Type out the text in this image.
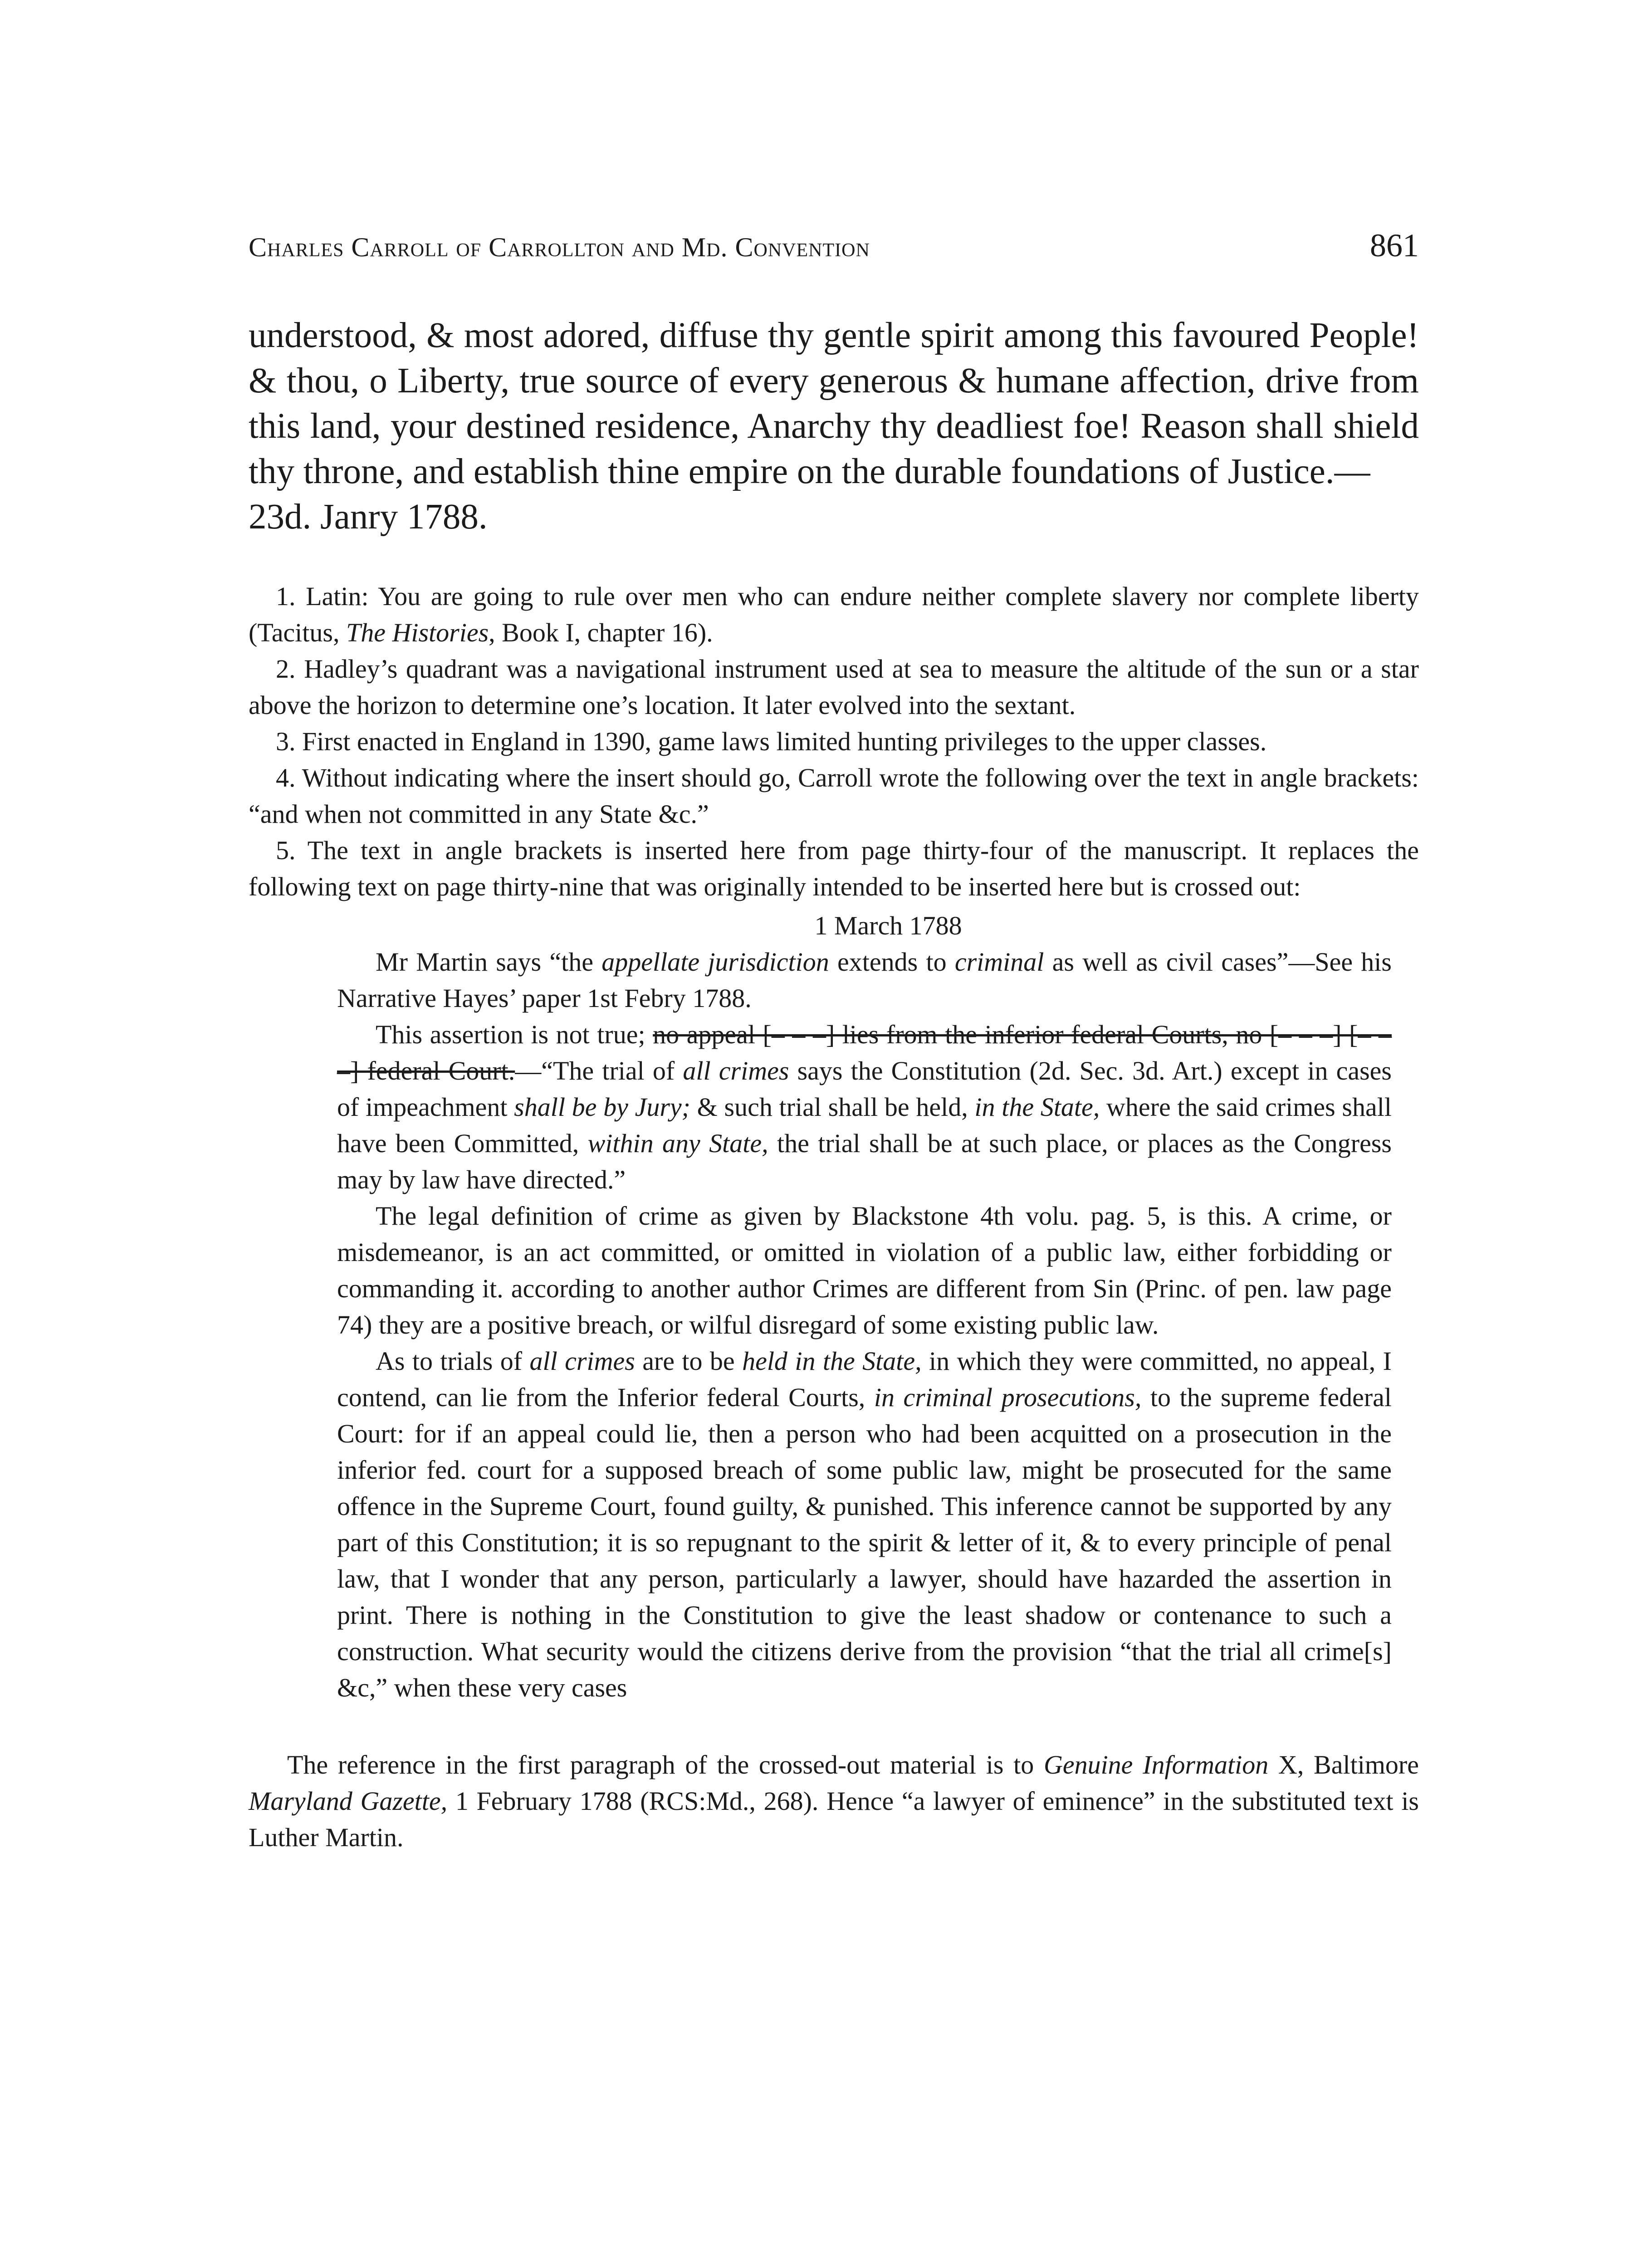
Charles Carroll of Carrollton and Md. Convention	861

understood, & most adored, diffuse thy gentle spirit among this favoured People! & thou, o Liberty, true source of every generous & humane affection, drive from this land, your destined residence, Anarchy thy deadliest foe! Reason shall shield thy throne, and establish thine empire on the durable foundations of Justice.—

23d. Janry 1788.

1. Latin: You are going to rule over men who can endure neither complete slavery nor complete liberty (Tacitus, The Histories, Book I, chapter 16).

2. Hadley’s quadrant was a navigational instrument used at sea to measure the altitude of the sun or a star above the horizon to determine one’s location. It later evolved into the sextant.

3. First enacted in England in 1390, game laws limited hunting privileges to the upper classes.

4. Without indicating where the insert should go, Carroll wrote the following over the text in angle brackets: “and when not committed in any State &c.”

5. The text in angle brackets is inserted here from page thirty-four of the manuscript. It replaces the following text on page thirty-nine that was originally intended to be inserted here but is crossed out:

1 March 1788

Mr Martin says “the appellate jurisdiction extends to criminal as well as civil cases”—See his Narrative Hayes’ paper 1st Febry 1788.

This assertion is not true; no appeal [– – –] lies from the inferior federal Courts, no [– – –] [– – –] federal Court.—“The trial of all crimes says the Constitution (2d. Sec. 3d. Art.) except in cases of impeachment shall be by Jury; & such trial shall be held, in the State, where the said crimes shall have been Committed, within any State, the trial shall be at such place, or places as the Congress may by law have directed.”

The legal definition of crime as given by Blackstone 4th volu. pag. 5, is this. A crime, or misdemeanor, is an act committed, or omitted in violation of a public law, either forbidding or commanding it. according to another author Crimes are different from Sin (Princ. of pen. law page 74) they are a positive breach, or wilful disregard of some existing public law.

As to trials of all crimes are to be held in the State, in which they were committed, no appeal, I contend, can lie from the Inferior federal Courts, in criminal prosecutions, to the supreme federal Court: for if an appeal could lie, then a person who had been acquitted on a prosecution in the inferior fed. court for a supposed breach of some public law, might be prosecuted for the same offence in the Supreme Court, found guilty, & punished. This inference cannot be supported by any part of this Constitution; it is so repugnant to the spirit & letter of it, & to every principle of penal law, that I wonder that any person, particularly a lawyer, should have hazarded the assertion in print. There is nothing in the Constitution to give the least shadow or contenance to such a construction. What security would the citizens derive from the provision “that the trial all crime[s] &c,” when these very cases

The reference in the first paragraph of the crossed-out material is to Genuine Information X, Baltimore Maryland Gazette, 1 February 1788 (RCS:Md., 268). Hence “a lawyer of eminence” in the substituted text is Luther Martin.
